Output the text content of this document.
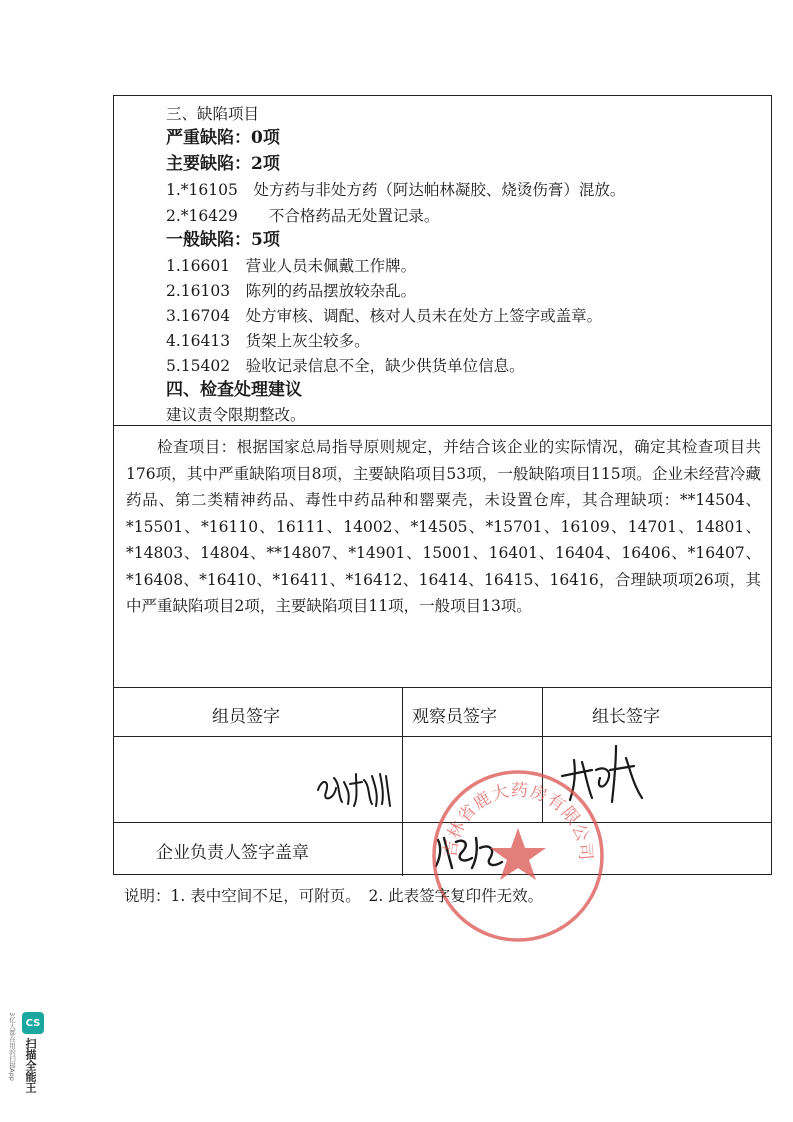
三、缺陷项目
严重缺陷：0项
主要缺陷：2项
1.*16105　处方药与非处方药（阿达帕林凝胶、烧烫伤膏）混放。
2.*16429　　不合格药品无处置记录。
一般缺陷：5项
1.16601　营业人员未佩戴工作牌。
2.16103　陈列的药品摆放较杂乱。
3.16704　处方审核、调配、核对人员未在处方上签字或盖章。
4.16413　货架上灰尘较多。
5.15402　验收记录信息不全，缺少供货单位信息。
四、检查处理建议
建议责令限期整改。

检查项目：根据国家总局指导原则规定，并结合该企业的实际情况，确定其检查项目共176项，其中严重缺陷项目8项，主要缺陷项目53项，一般缺陷项目115项。企业未经营冷藏药品、第二类精神药品、毒性中药品种和罂粟壳，未设置仓库，其合理缺项：**14504、*15501、*16110、16111、14002、*14505、*15701、16109、14701、14801、*14803、14804、**14807、*14901、15001、16401、16404、16406、*16407、*16408、*16410、*16411、*16412、16414、16415、16416，合理缺项项26项，其中严重缺陷项目2项，主要缺陷项目11项，一般项目13项。

组员签字	观察员签字	组长签字
企业负责人签字盖章	吉林省鹿大药房有限公司
说明：1. 表中空间不足，可附页。　2. 此表签字复印件无效。
CS
扫描全能王
3亿人都在用的扫描App
